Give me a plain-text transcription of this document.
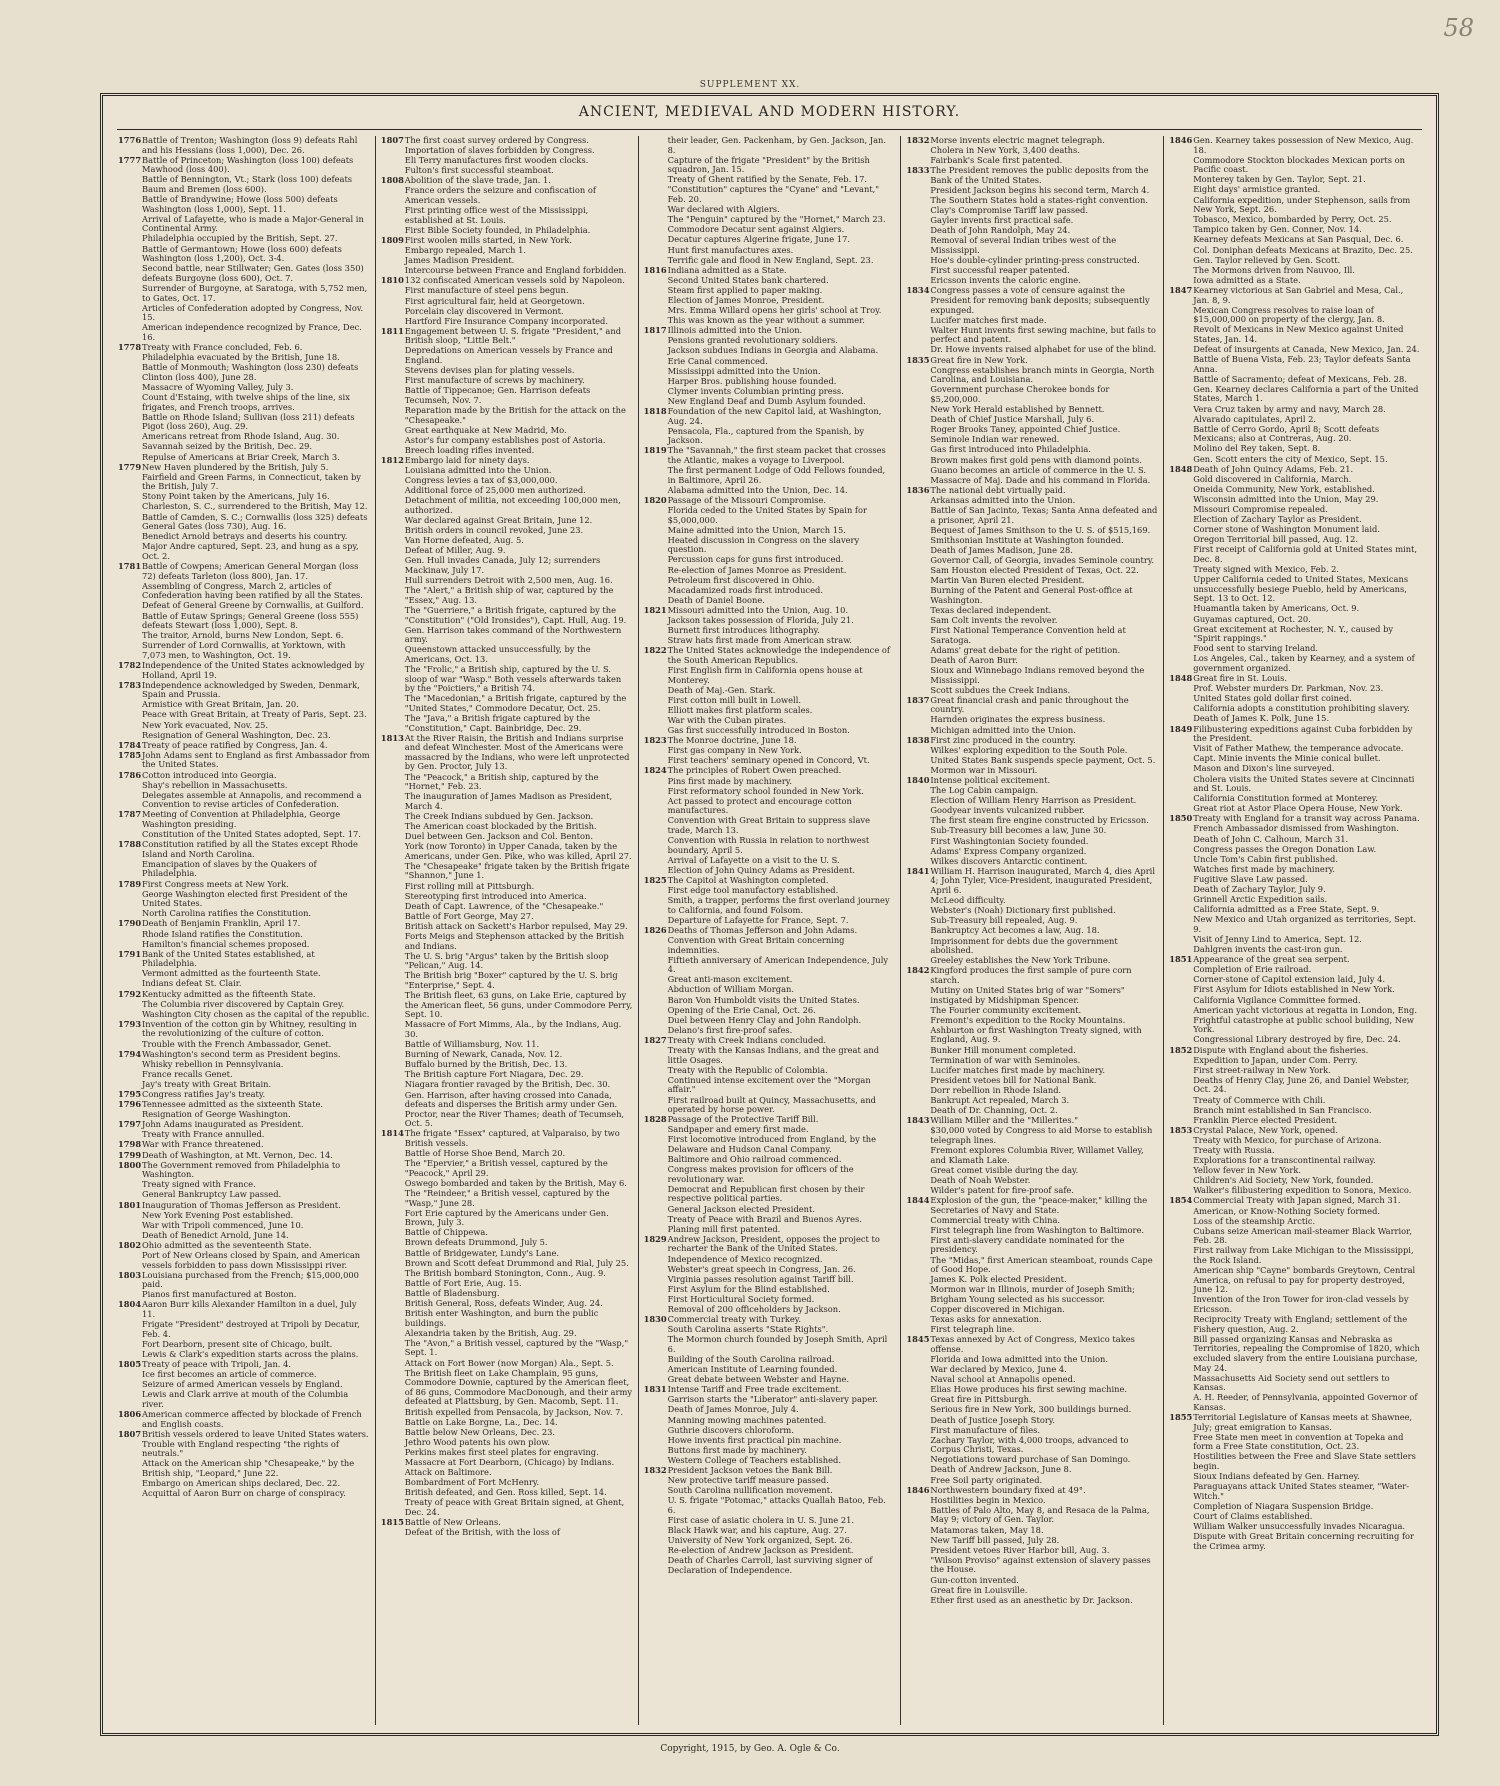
58
SUPPLEMENT XX.
ANCIENT, MEDIEVAL AND MODERN HISTORY.
1776 Battle of Trenton; Washington (loss 9) defeats Rahl and his Hessians (loss 1,000), Dec. 26.
1777 Battle of Princeton; Washington (loss 100) defeats Mawhood (loss 400).
Battle of Bennington, Vt.; Stark (loss 100) defeats Baum and Bremen (loss 600).
Battle of Brandywine; Howe (loss 500) defeats Washington (loss 1,000), Sept. 11.
Arrival of Lafayette, who is made a Major-General in Continental Army.
Philadelphia occupied by the British, Sept. 27.
Battle of Germantown; Howe (loss 600) defeats Washington (loss 1,200), Oct. 3-4.
Second battle, near Stillwater; Gen. Gates (loss 350) defeats Burgoyne (loss 600), Oct. 7.
Surrender of Burgoyne, at Saratoga, with 5,752 men, to Gates, Oct. 17.
Articles of Confederation adopted by Congress, Nov. 15.
American independence recognized by France, Dec. 16.
1778 Treaty with France concluded, Feb. 6.
Philadelphia evacuated by the British, June 18.
Battle of Monmouth; Washington (loss 230) defeats Clinton (loss 400), June 28.
Massacre of Wyoming Valley, July 3.
Count d'Estaing, with twelve ships of the line, six frigates, and French troops, arrives.
Battle on Rhode Island; Sullivan (loss 211) defeats Pigot (loss 260), Aug. 29.
Americans retreat from Rhode Island, Aug. 30.
Savannah seized by the British, Dec. 29.
Repulse of Americans at Briar Creek, March 3.
1779 New Haven plundered by the British, July 5.
Fairfield and Green Farms, in Connecticut, taken by the British, July 7.
Stony Point taken by the Americans, July 16.
Charleston, S. C., surrendered to the British, May 12.
Battle of Camden, S. C.; Cornwallis (loss 325) defeats General Gates (loss 730), Aug. 16.
Benedict Arnold betrays and deserts his country.
Major Andre captured, Sept. 23, and hung as a spy, Oct. 2.
1781 Battle of Cowpens; American General Morgan (loss 72) defeats Tarleton (loss 800), Jan. 17.
Assembling of Congress, March 2, articles of Confederation having been ratified by all the States.
Defeat of General Greene by Cornwallis, at Guilford.
Battle of Eutaw Springs; General Greene (loss 555) defeats Stewart (loss 1,000), Sept. 8.
The traitor, Arnold, burns New London, Sept. 6.
Surrender of Lord Cornwallis, at Yorktown, with 7,073 men, to Washington, Oct. 19.
1782 Independence of the United States acknowledged by Holland, April 19.
1783 Independence acknowledged by Sweden, Denmark, Spain and Prussia.
Armistice with Great Britain, Jan. 20.
Peace with Great Britain, at Treaty of Paris, Sept. 23.
New York evacuated, Nov. 25.
Resignation of General Washington, Dec. 23.
1784 Treaty of peace ratified by Congress, Jan. 4.
1785 John Adams sent to England as first Ambassador from the United States.
1786 Cotton introduced into Georgia.
Shay's rebellion in Massachusetts.
Delegates assemble at Annapolis, and recommend a Convention to revise articles of Confederation.
1787 Meeting of Convention at Philadelphia, George Washington presiding.
Constitution of the United States adopted, Sept. 17.
1788 Constitution ratified by all the States except Rhode Island and North Carolina.
Emancipation of slaves by the Quakers of Philadelphia.
1789 First Congress meets at New York.
George Washington elected first President of the United States.
North Carolina ratifies the Constitution.
1790 Death of Benjamin Franklin, April 17.
Rhode Island ratifies the Constitution.
Hamilton's financial schemes proposed.
1791 Bank of the United States established, at Philadelphia.
Vermont admitted as the fourteenth State.
Indians defeat St. Clair.
1792 Kentucky admitted as the fifteenth State.
The Columbia river discovered by Captain Grey.
Washington City chosen as the capital of the republic.
1793 Invention of the cotton gin by Whitney, resulting in the revolutionizing of the culture of cotton.
Trouble with the French Ambassador, Genet.
1794 Washington's second term as President begins.
Whisky rebellion in Pennsylvania.
France recalls Genet.
Jay's treaty with Great Britain.
1795 Congress ratifies Jay's treaty.
1796 Tennessee admitted as the sixteenth State.
Resignation of George Washington.
1797 John Adams inaugurated as President.
Treaty with France annulled.
1798 War with France threatened.
1799 Death of Washington, at Mt. Vernon, Dec. 14.
1800 The Government removed from Philadelphia to Washington.
Treaty signed with France.
General Bankruptcy Law passed.
1801 Inauguration of Thomas Jefferson as President.
New York Evening Post established.
War with Tripoli commenced, June 10.
Death of Benedict Arnold, June 14.
1802 Ohio admitted as the seventeenth State.
Port of New Orleans closed by Spain, and American vessels forbidden to pass down Mississippi river.
1803 Louisiana purchased from the French; $15,000,000 paid.
Pianos first manufactured at Boston.
1804 Aaron Burr kills Alexander Hamilton in a duel, July 11.
Frigate "President" destroyed at Tripoli by Decatur, Feb. 4.
Fort Dearborn, present site of Chicago, built.
Lewis & Clark's expedition starts across the plains.
1805 Treaty of peace with Tripoli, Jan. 4.
Ice first becomes an article of commerce.
Seizure of armed American vessels by England.
Lewis and Clark arrive at mouth of the Columbia river.
1806 American commerce affected by blockade of French and English coasts.
1807 British vessels ordered to leave United States waters.
Trouble with England respecting "the rights of neutrals."
Attack on the American ship "Chesapeake," by the British ship, "Leopard," June 22.
Embargo on American ships declared, Dec. 22.
Acquittal of Aaron Burr on charge of conspiracy.
1807 The first coast survey ordered by Congress.
Importation of slaves forbidden by Congress.
Eli Terry manufactures first wooden clocks.
Fulton's first successful steamboat.
1808 Abolition of the slave trade, Jan. 1.
France orders the seizure and confiscation of American vessels.
First printing office west of the Mississippi, established at St. Louis.
First Bible Society founded, in Philadelphia.
1809 First woolen mills started, in New York.
Embargo repealed, March 1.
James Madison President.
Intercourse between France and England forbidden.
1810 132 confiscated American vessels sold by Napoleon.
First manufacture of steel pens begun.
First agricultural fair, held at Georgetown.
Porcelain clay discovered in Vermont.
Hartford Fire Insurance Company incorporated.
1811 Engagement between U. S. frigate "President," and British sloop, "Little Belt."
Depredations on American vessels by France and England.
Stevens devises plan for plating vessels.
First manufacture of screws by machinery.
Battle of Tippecanoe; Gen. Harrison defeats Tecumseh, Nov. 7.
Reparation made by the British for the attack on the "Chesapeake."
Great earthquake at New Madrid, Mo.
Astor's fur company establishes post of Astoria.
Breech loading rifles invented.
1812 Embargo laid for ninety days.
Louisiana admitted into the Union.
Congress levies a tax of $3,000,000.
Additional force of 25,000 men authorized.
Detachment of militia, not exceeding 100,000 men, authorized.
War declared against Great Britain, June 12.
British orders in council revoked, June 23.
Van Horne defeated, Aug. 5.
Defeat of Miller, Aug. 9.
Gen. Hull invades Canada, July 12; surrenders Mackinaw, July 17.
Hull surrenders Detroit with 2,500 men, Aug. 16.
The "Alert," a British ship of war, captured by the "Essex," Aug. 13.
The "Guerriere," a British frigate, captured by the "Constitution" ("Old Ironsides"), Capt. Hull, Aug. 19.
Gen. Harrison takes command of the Northwestern army.
Queenstown attacked unsuccessfully, by the Americans, Oct. 13.
The "Frolic," a British ship, captured by the U. S. sloop of war "Wasp." Both vessels afterwards taken by the "Poictiers," a British 74.
The "Macedonian," a British frigate, captured by the "United States," Commodore Decatur, Oct. 25.
The "Java," a British frigate captured by the "Constitution," Capt. Bainbridge, Dec. 29.
1813 At the River Raisin, the British and Indians surprise and defeat Winchester. Most of the Americans were massacred by the Indians, who were left unprotected by Gen. Proctor, July 13.
The "Peacock," a British ship, captured by the "Hornet," Feb. 23.
The inauguration of James Madison as President, March 4.
The Creek Indians subdued by Gen. Jackson.
The American coast blockaded by the British.
Duel between Gen. Jackson and Col. Benton.
York (now Toronto) in Upper Canada, taken by the Americans, under Gen. Pike, who was killed, April 27.
The "Chesapeake" frigate taken by the British frigate "Shannon," June 1.
First rolling mill at Pittsburgh.
Stereotyping first introduced into America.
Death of Capt. Lawrence, of the "Chesapeake."
Battle of Fort George, May 27.
British attack on Sackett's Harbor repulsed, May 29.
Forts Meigs and Stephenson attacked by the British and Indians.
The U. S. brig "Argus" taken by the British sloop "Pelican," Aug. 14.
The British brig "Boxer" captured by the U. S. brig "Enterprise," Sept. 4.
The British fleet, 63 guns, on Lake Erie, captured by the American fleet, 56 guns, under Commodore Perry, Sept. 10.
Massacre of Fort Mimms, Ala., by the Indians, Aug. 30.
Battle of Williamsburg, Nov. 11.
Burning of Newark, Canada, Nov. 12.
Buffalo burned by the British, Dec. 13.
The British capture Fort Niagara, Dec. 29.
Niagara frontier ravaged by the British, Dec. 30.
Gen. Harrison, after having crossed into Canada, defeats and disperses the British army under Gen. Proctor, near the River Thames; death of Tecumseh, Oct. 5.
1814 The frigate "Essex" captured, at Valparaiso, by two British vessels.
Battle of Horse Shoe Bend, March 20.
The "Epervier," a British vessel, captured by the "Peacock," April 29.
Oswego bombarded and taken by the British, May 6.
The "Reindeer," a British vessel, captured by the "Wasp," June 28.
Fort Erie captured by the Americans under Gen. Brown, July 3.
Battle of Chippewa.
Brown defeats Drummond, July 5.
Battle of Bridgewater, Lundy's Lane.
Brown and Scott defeat Drummond and Rial, July 25.
The British bombard Stonington, Conn., Aug. 9.
Battle of Fort Erie, Aug. 15.
Battle of Bladensburg.
British General, Ross, defeats Winder, Aug. 24.
British enter Washington, and burn the public buildings.
Alexandria taken by the British, Aug. 29.
The "Avon," a British vessel, captured by the "Wasp," Sept. 1.
Attack on Fort Bower (now Morgan) Ala., Sept. 5.
The British fleet on Lake Champlain, 95 guns, Commodore Downie, captured by the American fleet, of 86 guns, Commodore MacDonough, and their army defeated at Plattsburg, by Gen. Macomb, Sept. 11.
British expelled from Pensacola, by Jackson, Nov. 7.
Battle on Lake Borgne, La., Dec. 14.
Battle below New Orleans, Dec. 23.
Jethro Wood patents his own plow.
Perkins makes first steel plates for engraving.
Massacre at Fort Dearborn, (Chicago) by Indians.
Attack on Baltimore.
Bombardment of Fort McHenry.
British defeated, and Gen. Ross killed, Sept. 14.
Treaty of peace with Great Britain signed, at Ghent, Dec. 24.
1815 Battle of New Orleans.
Defeat of the British, with the loss of
their leader, Gen. Packenham, by Gen. Jackson, Jan. 8.
Capture of the frigate "President" by the British squadron, Jan. 15.
Treaty of Ghent ratified by the Senate, Feb. 17.
"Constitution" captures the "Cyane" and "Levant," Feb. 20.
War declared with Algiers.
The "Penguin" captured by the "Hornet," March 23.
Commodore Decatur sent against Algiers.
Decatur captures Algerine frigate, June 17.
Hunt first manufactures axes.
Terrific gale and flood in New England, Sept. 23.
1816 Indiana admitted as a State.
Second United States bank chartered.
Steam first applied to paper making.
Election of James Monroe, President.
Mrs. Emma Willard opens her girls' school at Troy.
This was known as the year without a summer.
1817 Illinois admitted into the Union.
Pensions granted revolutionary soldiers.
Jackson subdues Indians in Georgia and Alabama.
Erie Canal commenced.
Mississippi admitted into the Union.
Harper Bros. publishing house founded.
Clymer invents Columbian printing press.
New England Deaf and Dumb Asylum founded.
1818 Foundation of the new Capitol laid, at Washington, Aug. 24.
Pensacola, Fla., captured from the Spanish, by Jackson.
1819 The "Savannah," the first steam packet that crosses the Atlantic, makes a voyage to Liverpool.
The first permanent Lodge of Odd Fellows founded, in Baltimore, April 26.
Alabama admitted into the Union, Dec. 14.
1820 Passage of the Missouri Compromise.
Florida ceded to the United States by Spain for $5,000,000.
Maine admitted into the Union, March 15.
Heated discussion in Congress on the slavery question.
Percussion caps for guns first introduced.
Re-election of James Monroe as President.
Petroleum first discovered in Ohio.
Macadamized roads first introduced.
Death of Daniel Boone.
1821 Missouri admitted into the Union, Aug. 10.
Jackson takes possession of Florida, July 21.
Burnett first introduces lithography.
Straw hats first made from American straw.
1822 The United States acknowledge the independence of the South American Republics.
First English firm in California opens house at Monterey.
Death of Maj.-Gen. Stark.
First cotton mill built in Lowell.
Elliott makes first platform scales.
War with the Cuban pirates.
Gas first successfully introduced in Boston.
1823 The Monroe doctrine, June 18.
First gas company in New York.
First teachers' seminary opened in Concord, Vt.
1824 The principles of Robert Owen preached.
Pins first made by machinery.
First reformatory school founded in New York.
Act passed to protect and encourage cotton manufactures.
Convention with Great Britain to suppress slave trade, March 13.
Convention with Russia in relation to northwest boundary, April 5.
Arrival of Lafayette on a visit to the U. S.
Election of John Quincy Adams as President.
1825 The Capitol at Washington completed.
First edge tool manufactory established.
Smith, a trapper, performs the first overland journey to California, and found Folsom.
Departure of Lafayette for France, Sept. 7.
1826 Deaths of Thomas Jefferson and John Adams.
Convention with Great Britain concerning indemnities.
Fiftieth anniversary of American Independence, July 4.
Great anti-mason excitement.
Abduction of William Morgan.
Baron Von Humboldt visits the United States.
Opening of the Erie Canal, Oct. 26.
Duel between Henry Clay and John Randolph.
Delano's first fire-proof safes.
1827 Treaty with Creek Indians concluded.
Treaty with the Kansas Indians, and the great and little Osages.
Treaty with the Republic of Colombia.
Continued intense excitement over the "Morgan affair."
First railroad built at Quincy, Massachusetts, and operated by horse power.
1828 Passage of the Protective Tariff Bill.
Sandpaper and emery first made.
First locomotive introduced from England, by the Delaware and Hudson Canal Company.
Baltimore and Ohio railroad commenced.
Congress makes provision for officers of the revolutionary war.
Democrat and Republican first chosen by their respective political parties.
General Jackson elected President.
Treaty of Peace with Brazil and Buenos Ayres.
Planing mill first patented.
1829 Andrew Jackson, President, opposes the project to recharter the Bank of the United States.
Independence of Mexico recognized.
Webster's great speech in Congress, Jan. 26.
Virginia passes resolution against Tariff bill.
First Asylum for the Blind established.
First Horticultural Society formed.
Removal of 200 officeholders by Jackson.
1830 Commercial treaty with Turkey.
South Carolina asserts "State Rights".
The Mormon church founded by Joseph Smith, April 6.
Building of the South Carolina railroad.
American Institute of Learning founded.
Great debate between Webster and Hayne.
1831 Intense Tariff and Free trade excitement.
Garrison starts the "Liberator" anti-slavery paper.
Death of James Monroe, July 4.
Manning mowing machines patented.
Guthrie discovers chloroform.
Howe invents first practical pin machine.
Buttons first made by machinery.
Western College of Teachers established.
1832 President Jackson vetoes the Bank Bill.
New protective tariff measure passed.
South Carolina nullification movement.
U. S. frigate "Potomac," attacks Quallah Batoo, Feb. 6.
First case of asiatic cholera in U. S. June 21.
Black Hawk war, and his capture, Aug. 27.
University of New York organized, Sept. 26.
Re-election of Andrew Jackson as President.
Death of Charles Carroll, last surviving signer of Declaration of Independence.
1832 Morse invents electric magnet telegraph.
Cholera in New York, 3,400 deaths.
Fairbank's Scale first patented.
1833 The President removes the public deposits from the Bank of the United States.
President Jackson begins his second term, March 4.
The Southern States hold a states-right convention.
Clay's Compromise Tariff law passed.
Gayler invents first practical safe.
Death of John Randolph, May 24.
Removal of several Indian tribes west of the Mississippi.
Hoe's double-cylinder printing-press constructed.
First successful reaper patented.
Ericsson invents the caloric engine.
1834 Congress passes a vote of censure against the President for removing bank deposits; subsequently expunged.
Lucifer matches first made.
Walter Hunt invents first sewing machine, but fails to perfect and patent.
Dr. Howe invents raised alphabet for use of the blind.
1835 Great fire in New York.
Congress establishes branch mints in Georgia, North Carolina, and Louisiana.
Government purchase Cherokee bonds for $5,200,000.
New York Herald established by Bennett.
Death of Chief Justice Marshall, July 6.
Roger Brooks Taney, appointed Chief Justice.
Seminole Indian war renewed.
Gas first introduced into Philadelphia.
Brown makes first gold pens with diamond points.
Guano becomes an article of commerce in the U. S.
Massacre of Maj. Dade and his command in Florida.
1836 The national debt virtually paid.
Arkansas admitted into the Union.
Battle of San Jacinto, Texas; Santa Anna defeated and a prisoner, April 21.
Bequest of James Smithson to the U. S. of $515,169.
Smithsonian Institute at Washington founded.
Death of James Madison, June 28.
Governor Call, of Georgia, invades Seminole country.
Sam Houston elected President of Texas, Oct. 22.
Martin Van Buren elected President.
Burning of the Patent and General Post-office at Washington.
Texas declared independent.
Sam Colt invents the revolver.
First National Temperance Convention held at Saratoga.
Adams' great debate for the right of petition.
Death of Aaron Burr.
Sioux and Winnebago Indians removed beyond the Mississippi.
Scott subdues the Creek Indians.
1837 Great financial crash and panic throughout the country.
Harnden originates the express business.
Michigan admitted into the Union.
1838 First zinc produced in the country.
Wilkes' exploring expedition to the South Pole.
United States Bank suspends specie payment, Oct. 5.
Mormon war in Missouri.
1840 Intense political excitement.
The Log Cabin campaign.
Election of William Henry Harrison as President.
Goodyear invents vulcanized rubber.
The first steam fire engine constructed by Ericsson.
Sub-Treasury bill becomes a law, June 30.
First Washingtonian Society founded.
Adams' Express Company organized.
Wilkes discovers Antarctic continent.
1841 William H. Harrison inaugurated, March 4, dies April 4; John Tyler, Vice-President, inaugurated President, April 6.
McLeod difficulty.
Webster's (Noah) Dictionary first published.
Sub-Treasury bill repealed, Aug. 9.
Bankruptcy Act becomes a law, Aug. 18.
Imprisonment for debts due the government abolished.
Greeley establishes the New York Tribune.
1842 Kingford produces the first sample of pure corn starch.
Mutiny on United States brig of war "Somers" instigated by Midshipman Spencer.
The Fourier community excitement.
Fremont's expedition to the Rocky Mountains.
Ashburton or first Washington Treaty signed, with England, Aug. 9.
Bunker Hill monument completed.
Termination of war with Seminoles.
Lucifer matches first made by machinery.
President vetoes bill for National Bank.
Dorr rebellion in Rhode Island.
Bankrupt Act repealed, March 3.
Death of Dr. Channing, Oct. 2.
1843 William Miller and the "Millerites."
$30,000 voted by Congress to aid Morse to establish telegraph lines.
Fremont explores Columbia River, Willamet Valley, and Klamath Lake.
Great comet visible during the day.
Death of Noah Webster.
Wilder's patent for fire-proof safe.
1844 Explosion of the gun, the "peace-maker," killing the Secretaries of Navy and State.
Commercial treaty with China.
First telegraph line from Washington to Baltimore.
First anti-slavery candidate nominated for the presidency.
The "Midas," first American steamboat, rounds Cape of Good Hope.
James K. Polk elected President.
Mormon war in Illinois, murder of Joseph Smith; Brigham Young selected as his successor.
Copper discovered in Michigan.
Texas asks for annexation.
First telegraph line.
1845 Texas annexed by Act of Congress, Mexico takes offense.
Florida and Iowa admitted into the Union.
War declared by Mexico, June 4.
Naval school at Annapolis opened.
Elias Howe produces his first sewing machine.
Great fire in Pittsburgh.
Serious fire in New York, 300 buildings burned.
Death of Justice Joseph Story.
First manufacture of files.
Zachary Taylor, with 4,000 troops, advanced to Corpus Christi, Texas.
Negotiations toward purchase of San Domingo.
Death of Andrew Jackson, June 8.
Free Soil party originated.
1846 Northwestern boundary fixed at 49°.
Hostilities begin in Mexico.
Battles of Palo Alto, May 8, and Resaca de la Palma, May 9; victory of Gen. Taylor.
Matamoras taken, May 18.
New Tariff bill passed, July 28.
President vetoes River Harbor bill, Aug. 3.
"Wilson Proviso" against extension of slavery passes the House.
Gun-cotton invented.
Great fire in Louisville.
Ether first used as an anesthetic by Dr. Jackson.
1846 Gen. Kearney takes possession of New Mexico, Aug. 18.
Commodore Stockton blockades Mexican ports on Pacific coast.
Monterey taken by Gen. Taylor, Sept. 21.
Eight days' armistice granted.
California expedition, under Stephenson, sails from New York, Sept. 26.
Tobasco, Mexico, bombarded by Perry, Oct. 25.
Tampico taken by Gen. Conner, Nov. 14.
Kearney defeats Mexicans at San Pasqual, Dec. 6.
Col. Doniphan defeats Mexicans at Brazito, Dec. 25.
Gen. Taylor relieved by Gen. Scott.
The Mormons driven from Nauvoo, Ill.
Iowa admitted as a State.
1847 Kearney victorious at San Gabriel and Mesa, Cal., Jan. 8, 9.
Mexican Congress resolves to raise loan of $15,000,000 on property of the clergy, Jan. 8.
Revolt of Mexicans in New Mexico against United States, Jan. 14.
Defeat of insurgents at Canada, New Mexico, Jan. 24.
Battle of Buena Vista, Feb. 23; Taylor defeats Santa Anna.
Battle of Sacramento; defeat of Mexicans, Feb. 28.
Gen. Kearney declares California a part of the United States, March 1.
Vera Cruz taken by army and navy, March 28.
Alvarado capitulates, April 2.
Battle of Cerro Gordo, April 8; Scott defeats Mexicans; also at Contreras, Aug. 20.
Molino del Rey taken, Sept. 8.
Gen. Scott enters the city of Mexico, Sept. 15.
1848 Death of John Quincy Adams, Feb. 21.
Gold discovered in California, March.
Oneida Community, New York, established.
Wisconsin admitted into the Union, May 29.
Missouri Compromise repealed.
Election of Zachary Taylor as President.
Corner stone of Washington Monument laid.
Oregon Territorial bill passed, Aug. 12.
First receipt of California gold at United States mint, Dec. 8.
Treaty signed with Mexico, Feb. 2.
Upper California ceded to United States, Mexicans unsuccessfully besiege Pueblo, held by Americans, Sept. 13 to Oct. 12.
Huamantla taken by Americans, Oct. 9.
Guyamas captured, Oct. 20.
Great excitement at Rochester, N. Y., caused by "Spirit rappings."
Food sent to starving Ireland.
Los Angeles, Cal., taken by Kearney, and a system of government organized.
1848 Great fire in St. Louis.
Prof. Webster murders Dr. Parkman, Nov. 23.
United States gold dollar first coined.
California adopts a constitution prohibiting slavery.
Death of James K. Polk, June 15.
1849 Filibustering expeditions against Cuba forbidden by the President.
Visit of Father Mathew, the temperance advocate.
Capt. Minie invents the Minie conical bullet.
Mason and Dixon's line surveyed.
Cholera visits the United States severe at Cincinnati and St. Louis.
California Constitution formed at Monterey.
Great riot at Astor Place Opera House, New York.
1850 Treaty with England for a transit way across Panama.
French Ambassador dismissed from Washington.
Death of John C. Calhoun, March 31.
Congress passes the Oregon Donation Law.
Uncle Tom's Cabin first published.
Watches first made by machinery.
Fugitive Slave Law passed.
Death of Zachary Taylor, July 9.
Grinnell Arctic Expedition sails.
California admitted as a Free State, Sept. 9.
New Mexico and Utah organized as territories, Sept. 9.
Visit of Jenny Lind to America, Sept. 12.
Dahlgren invents the cast-iron gun.
1851 Appearance of the great sea serpent.
Completion of Erie railroad.
Corner-stone of Capitol extension laid, July 4.
First Asylum for Idiots established in New York.
California Vigilance Committee formed.
American yacht victorious at regatta in London, Eng.
Frightful catastrophe at public school building, New York.
Congressional Library destroyed by fire, Dec. 24.
1852 Dispute with England about the fisheries.
Expedition to Japan, under Com. Perry.
First street-railway in New York.
Deaths of Henry Clay, June 26, and Daniel Webster, Oct. 24.
Treaty of Commerce with Chili.
Branch mint established in San Francisco.
Franklin Pierce elected President.
1853 Crystal Palace, New York, opened.
Treaty with Mexico, for purchase of Arizona.
Treaty with Russia.
Explorations for a transcontinental railway.
Yellow fever in New York.
Children's Aid Society, New York, founded.
Walker's filibustering expedition to Sonora, Mexico.
1854 Commercial Treaty with Japan signed, March 31.
American, or Know-Nothing Society formed.
Loss of the steamship Arctic.
Cubans seize American mail-steamer Black Warrior, Feb. 28.
First railway from Lake Michigan to the Mississippi, the Rock Island.
American ship "Cayne" bombards Greytown, Central America, on refusal to pay for property destroyed, June 12.
Invention of the Iron Tower for iron-clad vessels by Ericsson.
Reciprocity Treaty with England; settlement of the Fishery question, Aug. 2.
Bill passed organizing Kansas and Nebraska as Territories, repealing the Compromise of 1820, which excluded slavery from the entire Louisiana purchase, May 24.
Massachusetts Aid Society send out settlers to Kansas.
A. H. Reeder, of Pennsylvania, appointed Governor of Kansas.
1855 Territorial Legislature of Kansas meets at Shawnee, July; great emigration to Kansas.
Free State men meet in convention at Topeka and form a Free State constitution, Oct. 23.
Hostilities between the Free and Slave State settlers begin.
Sioux Indians defeated by Gen. Harney.
Paraguayans attack United States steamer, "Water-Witch."
Completion of Niagara Suspension Bridge.
Court of Claims established.
William Walker unsuccessfully invades Nicaragua.
Dispute with Great Britain concerning recruiting for the Crimea army.
Copyright, 1915, by Geo. A. Ogle & Co.
